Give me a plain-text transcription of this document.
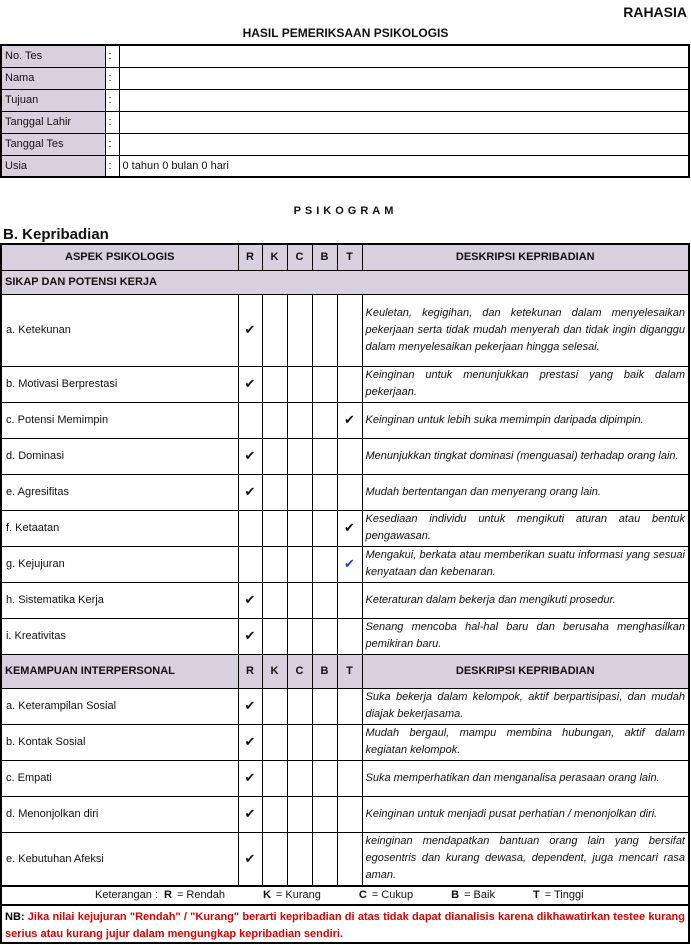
RAHASIA
HASIL PEMERIKSAAN PSIKOLOGIS
No. Tes	:	
Nama	:	
Tujuan	:	
Tanggal Lahir	:	
Tanggal Tes	:	
Usia	:	0 tahun 0 bulan 0 hari
PSIKOGRAM
B. Kepribadian
ASPEK PSIKOLOGIS	R	K	C	B	T	DESKRIPSI KEPRIBADIAN
SIKAP DAN POTENSI KERJA						
a. Ketekunan	✔					Keuletan, kegigihan, dan ketekunan dalam menyelesaikan pekerjaan serta tidak mudah menyerah dan tidak ingin diganggu dalam menyelesaikan pekerjaan hingga selesai.
b. Motivasi Berprestasi	✔					Keinginan untuk menunjukkan prestasi yang baik dalam pekerjaan.
c. Potensi Memimpin					✔	Keinginan untuk lebih suka memimpin daripada dipimpin.
d. Dominasi	✔					Menunjukkan tingkat dominasi (menguasai) terhadap orang lain.
e. Agresifitas	✔					Mudah bertentangan dan menyerang orang lain.
f. Ketaatan					✔	Kesediaan individu untuk mengikuti aturan atau bentuk pengawasan.
g. Kejujuran					✔	Mengakui, berkata atau memberikan suatu informasi yang sesuai kenyataan dan kebenaran.
h. Sistematika Kerja	✔					Keteraturan dalam bekerja dan mengikuti prosedur.
i. Kreativitas	✔					Senang mencoba hal-hal baru dan berusaha menghasilkan pemikiran baru.
KEMAMPUAN INTERPERSONAL	R	K	C	B	T	DESKRIPSI KEPRIBADIAN
a. Keterampilan Sosial	✔					Suka bekerja dalam kelompok, aktif berpartisipasi, dan mudah diajak bekerjasama.
b. Kontak Sosial	✔					Mudah bergaul, mampu membina hubungan, aktif dalam kegiatan kelompok.
c. Empati	✔					Suka memperhatikan dan menganalisa perasaan orang lain.
d. Menonjolkan diri	✔					Keinginan untuk menjadi pusat perhatian / menonjolkan diri.
e. Kebutuhan Afeksi	✔					keinginan mendapatkan bantuan orang lain yang bersifat egosentris dan kurang dewasa, dependent, juga mencari rasa aman.
Keterangan : R = Rendah	K = Kurang	C = Cukup	B = Baik	T = Tinggi
NB: Jika nilai kejujuran "Rendah" / "Kurang" berarti kepribadian di atas tidak dapat dianalisis karena dikhawatirkan testee kurang serius atau kurang jujur dalam mengungkap kepribadian sendiri.
